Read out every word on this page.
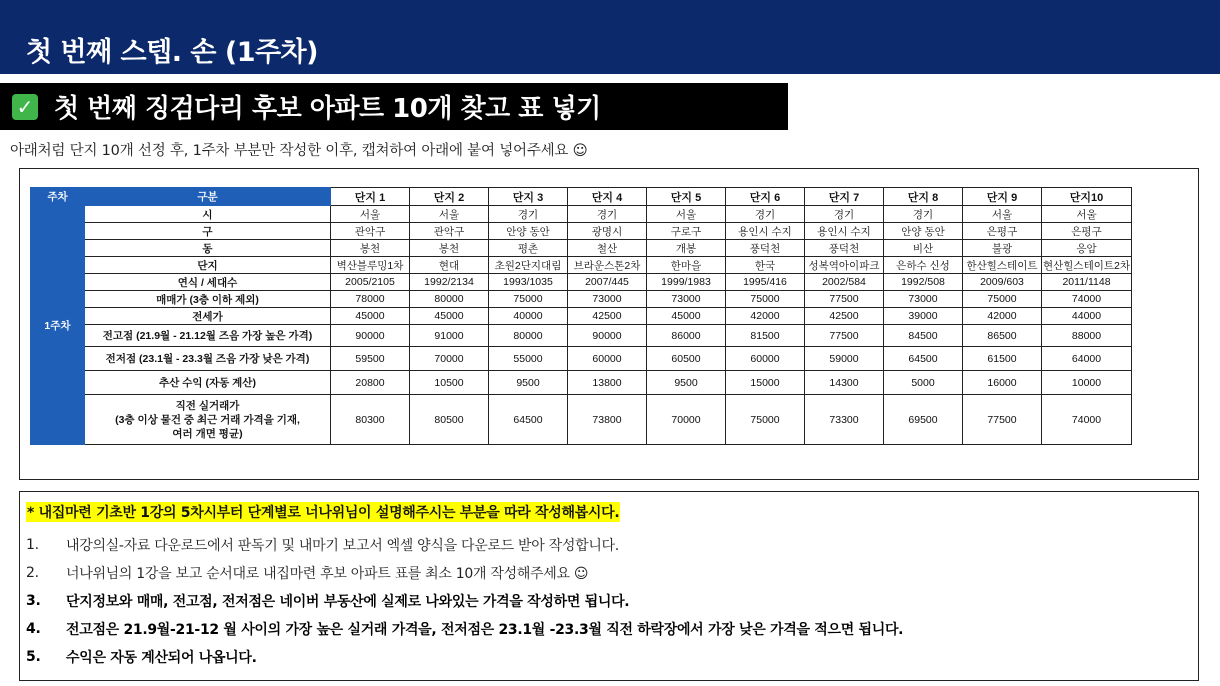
첫 번째 스텝. 손 (1주차)
✓ 첫 번째 징검다리 후보 아파트 10개 찾고 표 넣기
아래처럼 단지 10개 선정 후, 1주차 부분만 작성한 이후, 캡쳐하여 아래에 붙여 넣어주세요 ☺
주차	구분	단지 1	단지 2	단지 3	단지 4	단지 5	단지 6	단지 7	단지 8	단지 9	단지10
1주차	시	서울	서울	경기	경기	서울	경기	경기	경기	서울	서울
	구	관악구	관악구	안양 동안	광명시	구로구	용인시 수지	용인시 수지	안양 동안	은평구	은평구
	동	봉천	봉천	평촌	철산	개봉	풍덕천	풍덕천	비산	불광	응암
	단지	벽산블루밍1차	현대	초원2단지대림	브라운스톤2차	한마을	한국	성복역아이파크	은하수 신성	한산힐스테이트	현산힐스테이트2차
	연식 / 세대수	2005/2105	1992/2134	1993/1035	2007/445	1999/1983	1995/416	2002/584	1992/508	2009/603	2011/1148
	매매가 (3층 이하 제외)	78000	80000	75000	73000	73000	75000	77500	73000	75000	74000
	전세가	45000	45000	40000	42500	45000	42000	42500	39000	42000	44000
	전고점 (21.9월 - 21.12월 즈음 가장 높은 가격)	90000	91000	80000	90000	86000	81500	77500	84500	86500	88000
	전저점 (23.1월 - 23.3월 즈음 가장 낮은 가격)	59500	70000	55000	60000	60500	60000	59000	64500	61500	64000
	추산 수익 (자동 계산)	20800	10500	9500	13800	9500	15000	14300	5000	16000	10000

	직전 실거래가
(3층 이상 물건 중 최근 거래 가격을 기재,
여러 개면 평균)	80300	80500	64500	73800	70000	75000	73300	69500	77500	74000
* 내집마련 기초반 1강의 5차시부터 단계별로 너나위님이 설명해주시는 부분을 따라 작성해봅시다.
1.	내강의실-자료 다운로드에서 판독기 및 내마기 보고서 엑셀 양식을 다운로드 받아 작성합니다.
2.	너나위님의 1강을 보고 순서대로 내집마련 후보 아파트 표를 최소 10개 작성해주세요 ☺
3.	단지정보와 매매, 전고점, 전저점은 네이버 부동산에 실제로 나와있는 가격을 작성하면 됩니다.
4.	전고점은 21.9월-21-12 월 사이의 가장 높은 실거래 가격을, 전저점은 23.1월 -23.3월 직전 하락장에서 가장 낮은 가격을 적으면 됩니다.
5.	수익은 자동 계산되어 나옵니다.
